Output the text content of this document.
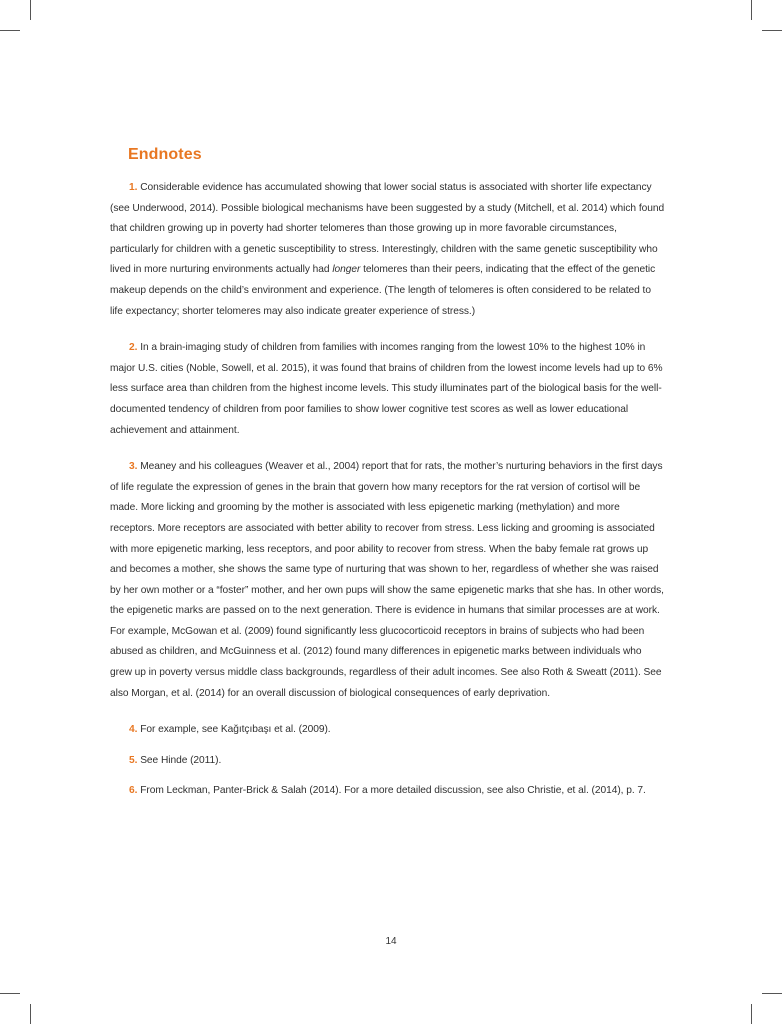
Endnotes

1. Considerable evidence has accumulated showing that lower social status is associated with shorter life expectancy (see Underwood, 2014). Possible biological mechanisms have been suggested by a study (Mitchell, et al. 2014) which found that children growing up in poverty had shorter telomeres than those growing up in more favorable circumstances, particularly for children with a genetic susceptibility to stress. Interestingly, children with the same genetic susceptibility who lived in more nurturing environments actually had longer telomeres than their peers, indicating that the effect of the genetic makeup depends on the child’s environment and experience. (The length of telomeres is often considered to be related to life expectancy; shorter telomeres may also indicate greater experience of stress.)

2. In a brain-imaging study of children from families with incomes ranging from the lowest 10% to the highest 10% in major U.S. cities (Noble, Sowell, et al. 2015), it was found that brains of children from the lowest income levels had up to 6% less surface area than children from the highest income levels. This study illuminates part of the biological basis for the well-documented tendency of children from poor families to show lower cognitive test scores as well as lower educational achievement and attainment.

3. Meaney and his colleagues (Weaver et al., 2004) report that for rats, the mother’s nurturing behaviors in the first days of life regulate the expression of genes in the brain that govern how many receptors for the rat version of cortisol will be made. More licking and grooming by the mother is associated with less epigenetic marking (methylation) and more receptors. More receptors are associated with better ability to recover from stress. Less licking and grooming is associated with more epigenetic marking, less receptors, and poor ability to recover from stress. When the baby female rat grows up and becomes a mother, she shows the same type of nurturing that was shown to her, regardless of whether she was raised by her own mother or a “foster” mother, and her own pups will show the same epigenetic marks that she has. In other words, the epigenetic marks are passed on to the next generation. There is evidence in humans that similar processes are at work. For example, McGowan et al. (2009) found significantly less glucocorticoid receptors in brains of subjects who had been abused as children, and McGuinness et al. (2012) found many differences in epigenetic marks between individuals who grew up in poverty versus middle class backgrounds, regardless of their adult incomes. See also Roth & Sweatt (2011). See also Morgan, et al. (2014) for an overall discussion of biological consequences of early deprivation.

4. For example, see Kağıtçıbaşı et al. (2009).

5. See Hinde (2011).

6. From Leckman, Panter-Brick & Salah (2014). For a more detailed discussion, see also Christie, et al. (2014), p. 7.

14
